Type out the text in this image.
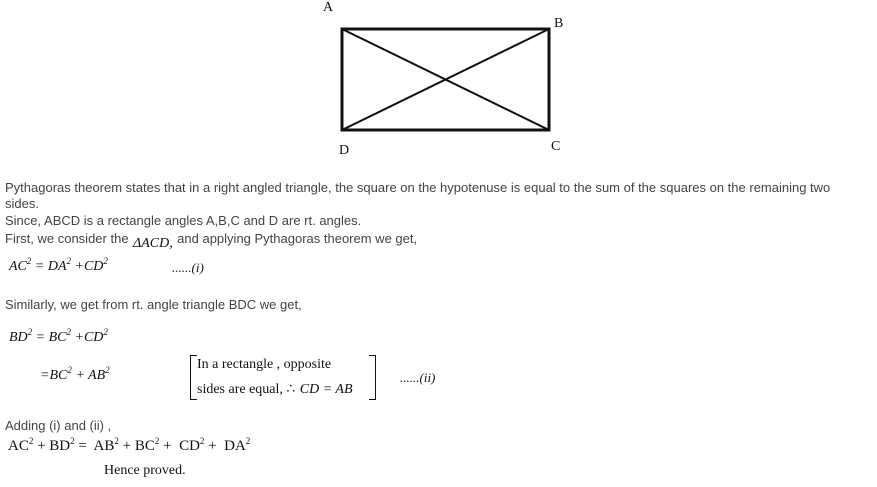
A
B
C
D
Pythagoras theorem states that in a right angled triangle, the square on the hypotenuse is equal to the sum of the squares on the remaining two
sides.
Since, ABCD is a rectangle angles A,B,C and D are rt. angles.
First, we consider the ΔACD, and applying Pythagoras theorem we get,
$AC^2 = DA^2 +CD^2$	......(i)
Similarly, we get from rt. angle triangle BDC we get,
$BD^2 = BC^2 +CD^2$
$=BC^2 + AB^2$	In a rectangle , opposite
sides are equal, ∴ CD = AB
......(ii)
Adding (i) and (ii) ,
$AC^2 + BD^2 = AB^2 + BC^2 + CD^2 + DA^2$
Hence proved.
